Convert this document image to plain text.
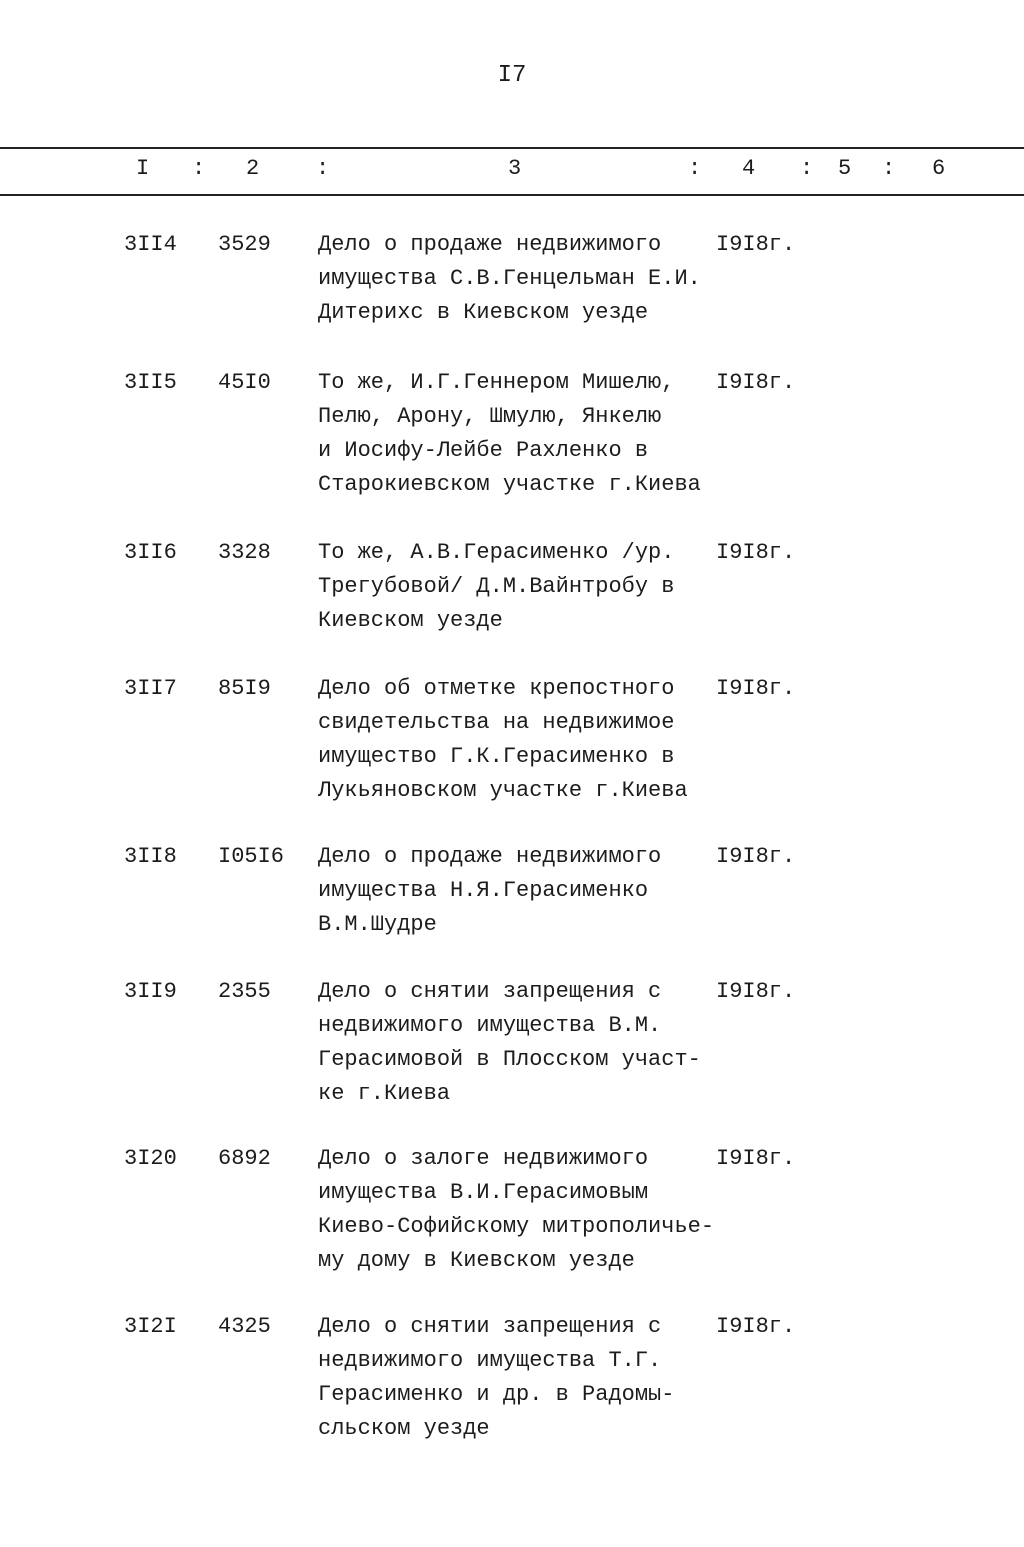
I7
I : 2	:	3	: 4 : 5 : 6
3II4 3529 Дело о продаже недвижимого
имущества С.В.Генцельман Е.И.
Дитерихс в Киевском уезде
I9I8г.
3II5 45I0 То же, И.Г.Геннером Мишелю,
Пелю, Арону, Шмулю, Янкелю
и Иосифу-Лейбе Рахленко в
Старокиевском участке г.Киева
I9I8г.
3II6 3328 То же, А.В.Герасименко /ур.
Трегубовой/ Д.М.Вайнтробу в
Киевском уезде
I9I8г.
3II7 85I9 Дело об отметке крепостного
свидетельства на недвижимое
имущество Г.К.Герасименко в
Лукьяновском участке г.Киева
I9I8г.
3II8 I05I6 Дело о продаже недвижимого
имущества Н.Я.Герасименко
В.М.Шудре
I9I8г.
3II9 2355 Дело о снятии запрещения с
недвижимого имущества В.М.
Герасимовой в Плосском участ-
ке г.Киева
I9I8г.
3I20 6892 Дело о залоге недвижимого
имущества В.И.Герасимовым
Киево-Софийскому митрополичье-
му дому в Киевском уезде
I9I8г.
3I2I 4325 Дело о снятии запрещения с
недвижимого имущества Т.Г.
Герасименко и др. в Радомы-
сльском уезде
I9I8г.
